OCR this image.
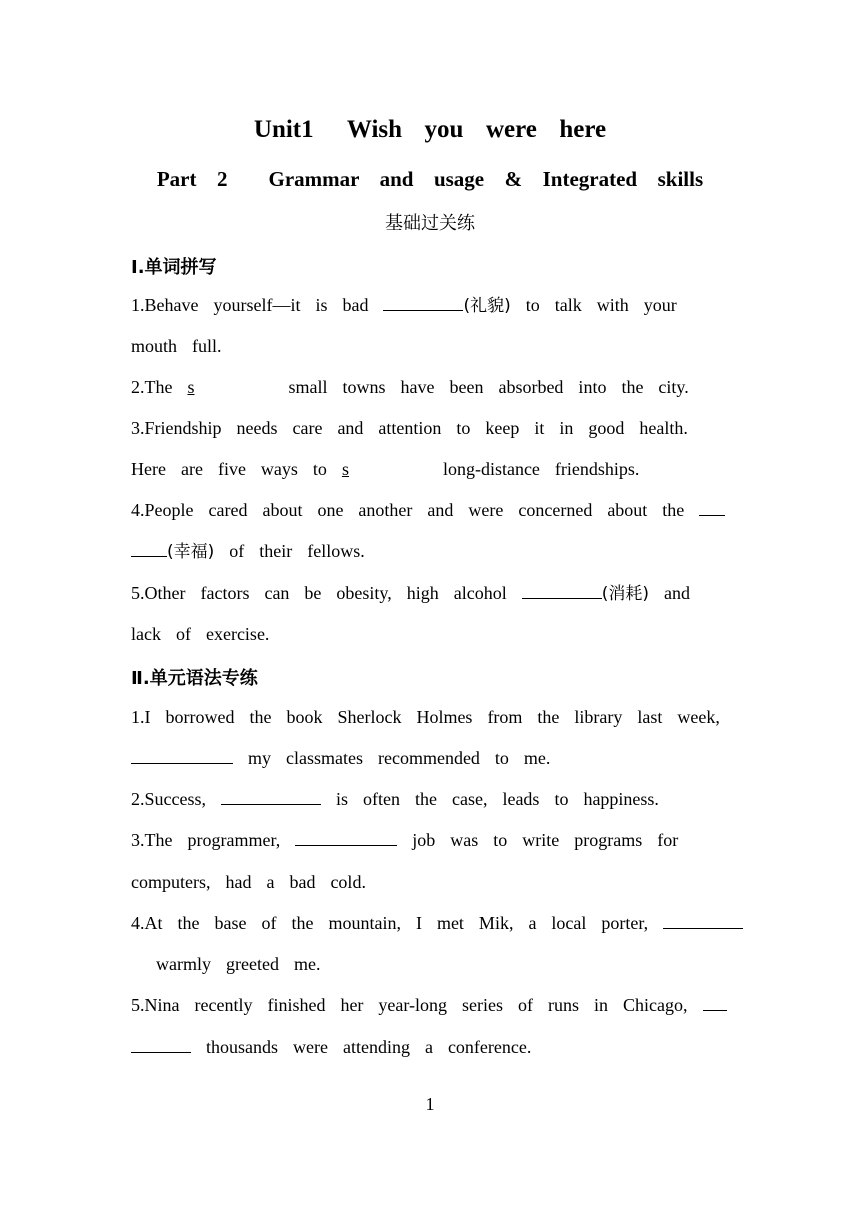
Unit1   Wish  you  were  here
Part  2    Grammar  and  usage  &  Integrated  skills
基础过关练
Ⅰ.单词拼写
1.Behave  yourself—it  is  bad	(礼貌)  to  talk  with  your
mouth  full.
2.The  s	small  towns  have  been  absorbed  into  the  city.
3.Friendship  needs  care  and  attention  to  keep  it  in  good  health.
Here  are  five  ways  to  s	long-distance  friendships.
4.People  cared  about  one  another  and  were  concerned  about  the
(幸福)  of  their  fellows.
5.Other  factors  can  be  obesity,  high  alcohol	(消耗)  and
lack  of  exercise.
Ⅱ.单元语法专练
1.I  borrowed  the  book  Sherlock  Holmes  from  the  library  last  week,
my  classmates  recommended  to  me.
2.Success,	is  often  the  case,  leads  to  happiness.
3.The  programmer,	job  was  to  write  programs  for
computers,  had  a  bad  cold.
4.At  the  base  of  the  mountain,  I  met  Mik,  a  local  porter,
warmly  greeted  me.
5.Nina  recently  finished  her  year-long  series  of  runs  in  Chicago,
thousands  were  attending  a  conference.
1
